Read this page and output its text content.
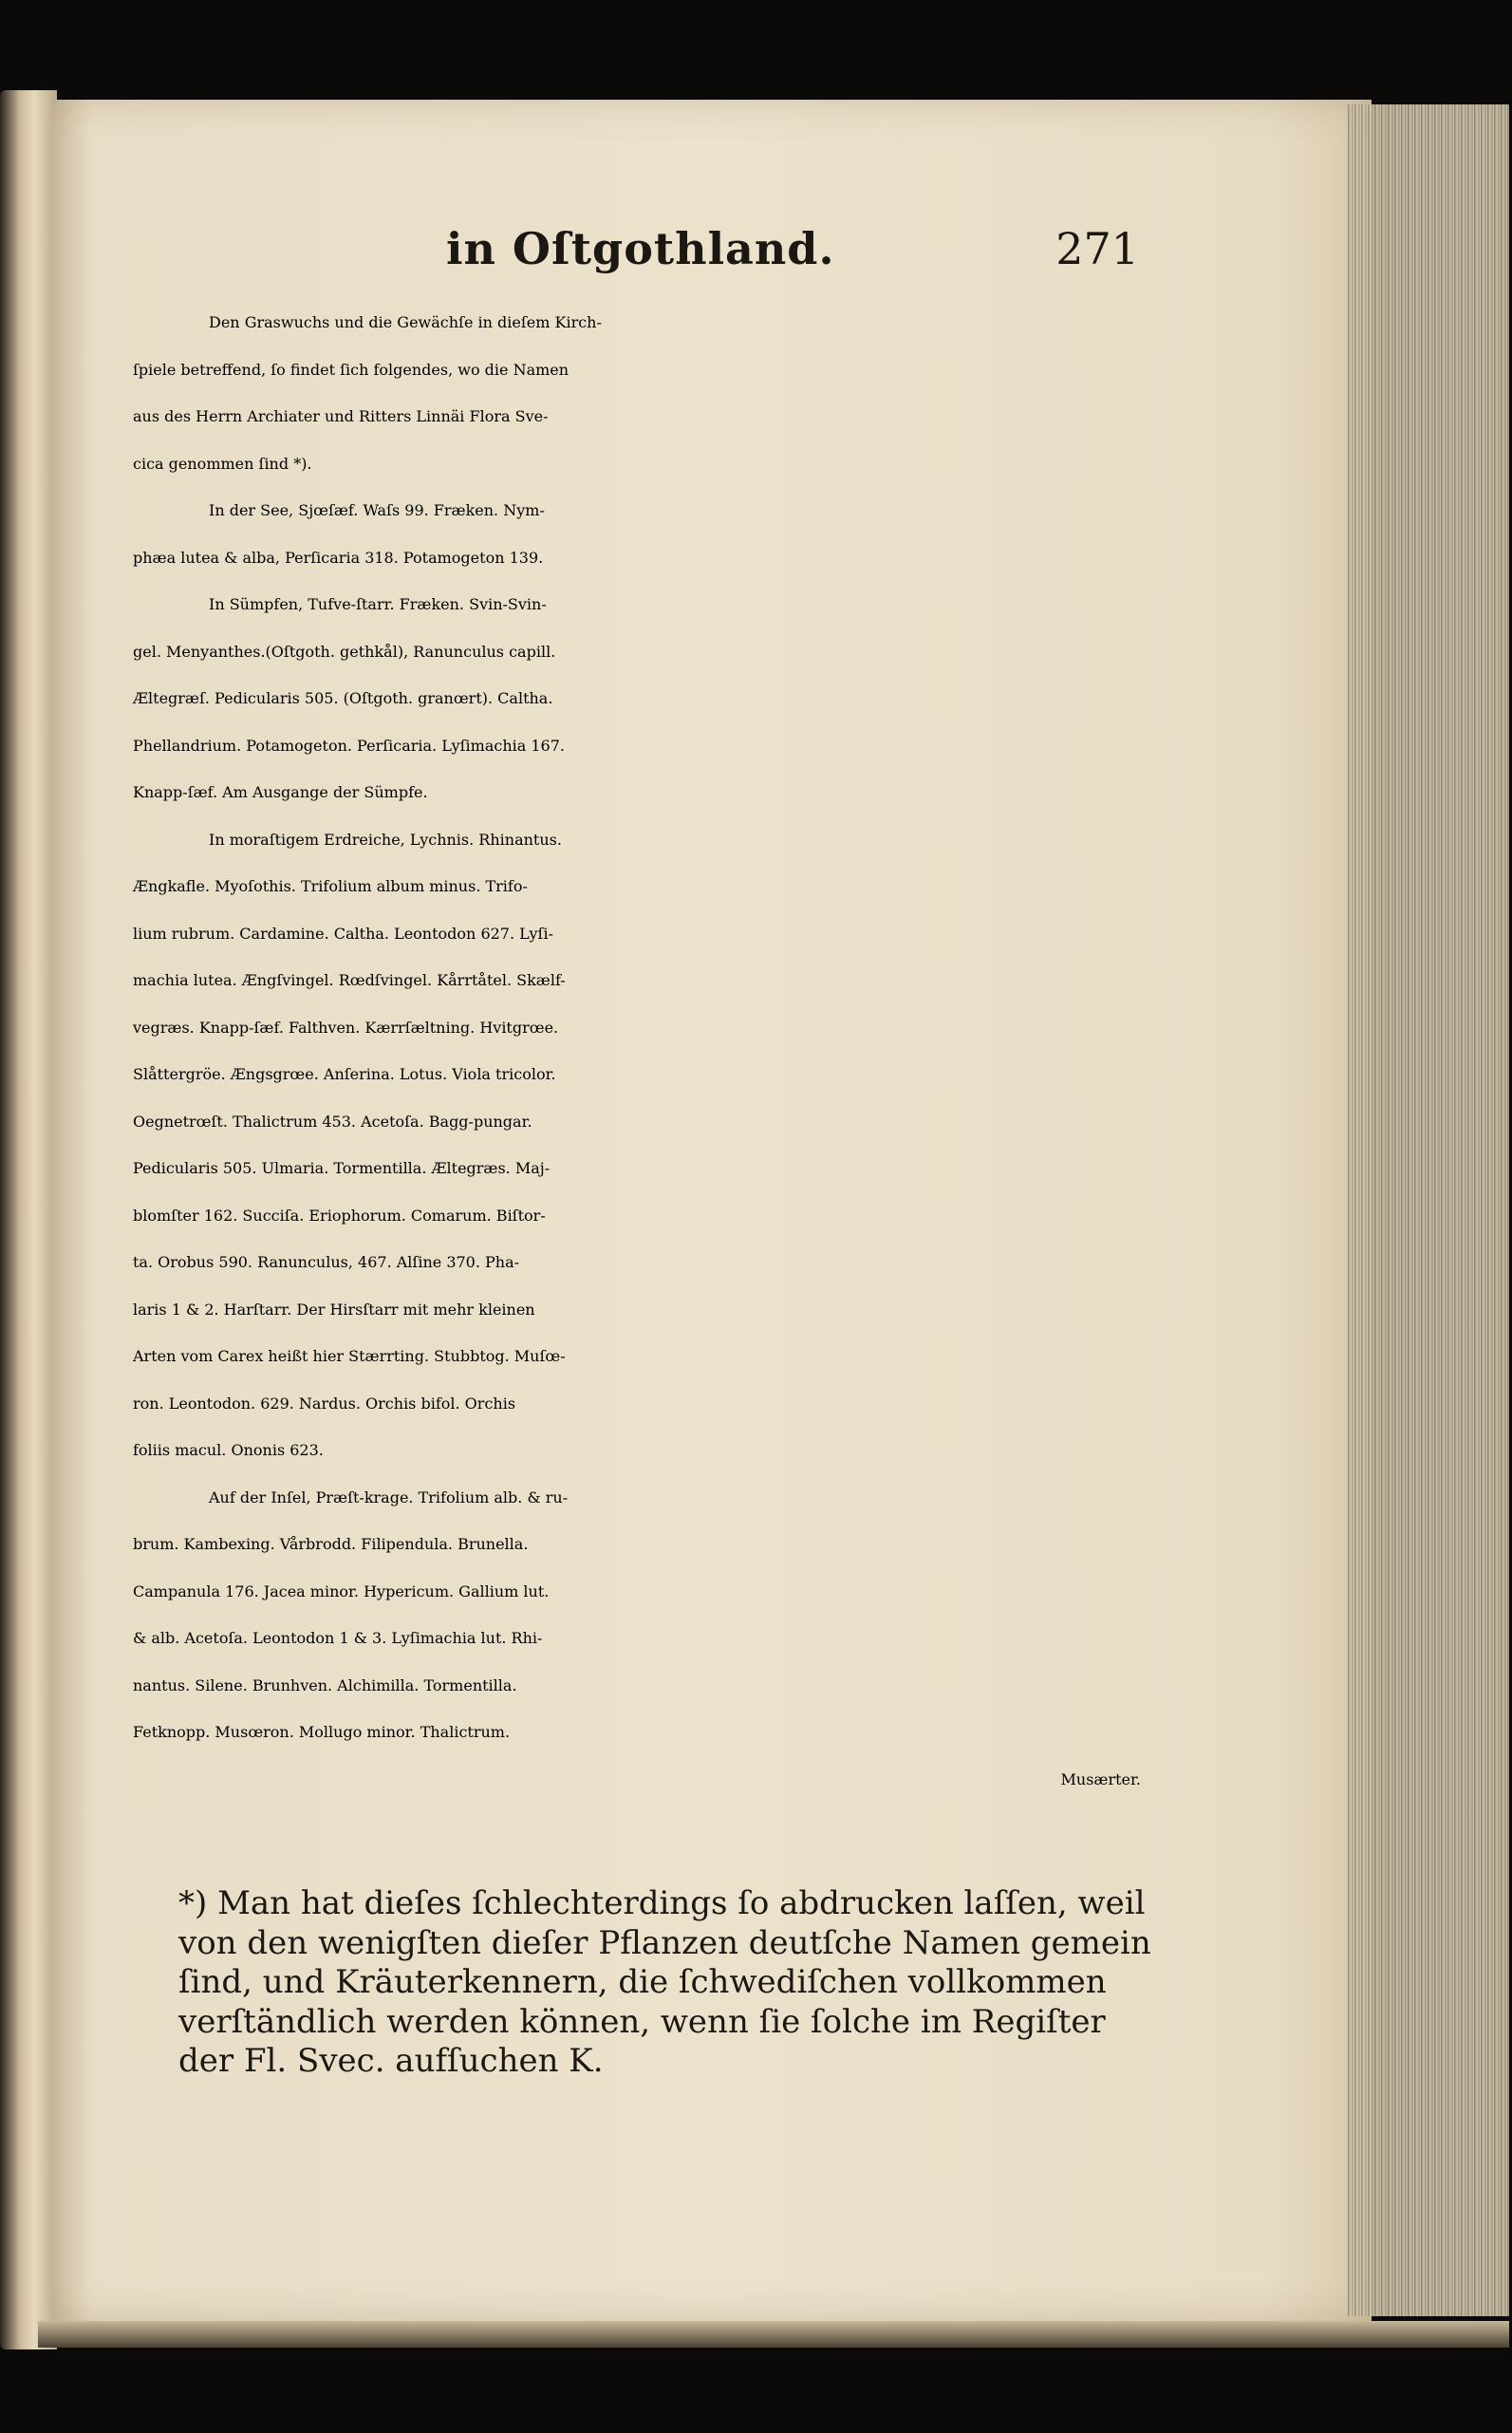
in Oſtgothland.	271
Den Graswuchs und die Gewächſe in dieſem Kirch-
ſpiele betreffend, ſo findet ſich folgendes, wo die Namen
aus des Herrn Archiater und Ritters Linnäi Flora Sve-
cica genommen ſind *).
In der See, Sjœſæf. Waſs 99. Fræken. Nym-
phæa lutea & alba, Perſicaria 318. Potamogeton 139.
In Sümpfen, Tufve-ſtarr. Fræken. Svin-Svin-
gel. Menyanthes.(Oſtgoth. gethkål), Ranunculus capill.
Æltegræſ. Pedicularis 505. (Oſtgoth. granœrt). Caltha.
Phellandrium. Potamogeton. Perſicaria. Lyſimachia 167.
Knapp-ſæf. Am Ausgange der Sümpfe.
In moraſtigem Erdreiche, Lychnis. Rhinantus.
Ængkafle. Myoſothis. Trifolium album minus. Trifo-
lium rubrum. Cardamine. Caltha. Leontodon 627. Lyſi-
machia lutea. Ængſvingel. Rœdſvingel. Kårrtåtel. Skælf-
vegræs. Knapp-ſæf. Falthven. Kærrſæltning. Hvitgrœe.
Slåttergröe. Ængsgrœe. Anſerina. Lotus. Viola tricolor.
Oegnetrœſt. Thalictrum 453. Acetoſa. Bagg-pungar.
Pedicularis 505. Ulmaria. Tormentilla. Æltegræs. Maj-
blomſter 162. Succiſa. Eriophorum. Comarum. Biſtor-
ta. Orobus 590. Ranunculus, 467. Alſine 370. Pha-
laris 1 & 2. Harſtarr. Der Hirsſtarr mit mehr kleinen
Arten vom Carex heißt hier Stærrting. Stubbtog. Muſœ-
ron. Leontodon. 629. Nardus. Orchis bifol. Orchis
foliis macul. Ononis 623.
Auf der Inſel, Præſt-krage. Trifolium alb. & ru-
brum. Kambexing. Vårbrodd. Filipendula. Brunella.
Campanula 176. Jacea minor. Hypericum. Gallium lut.
& alb. Acetoſa. Leontodon 1 & 3. Lyſimachia lut. Rhi-
nantus. Silene. Brunhven. Alchimilla. Tormentilla.
Fetknopp. Musœron. Mollugo minor. Thalictrum.
Musærter.
*) Man hat dieſes ſchlechterdings ſo abdrucken laſſen, weil
von den wenigſten dieſer Pflanzen deutſche Namen gemein
ſind, und Kräuterkennern, die ſchwediſchen vollkommen
verſtändlich werden können, wenn ſie ſolche im Regiſter
der Fl. Svec. aufſuchen K.
